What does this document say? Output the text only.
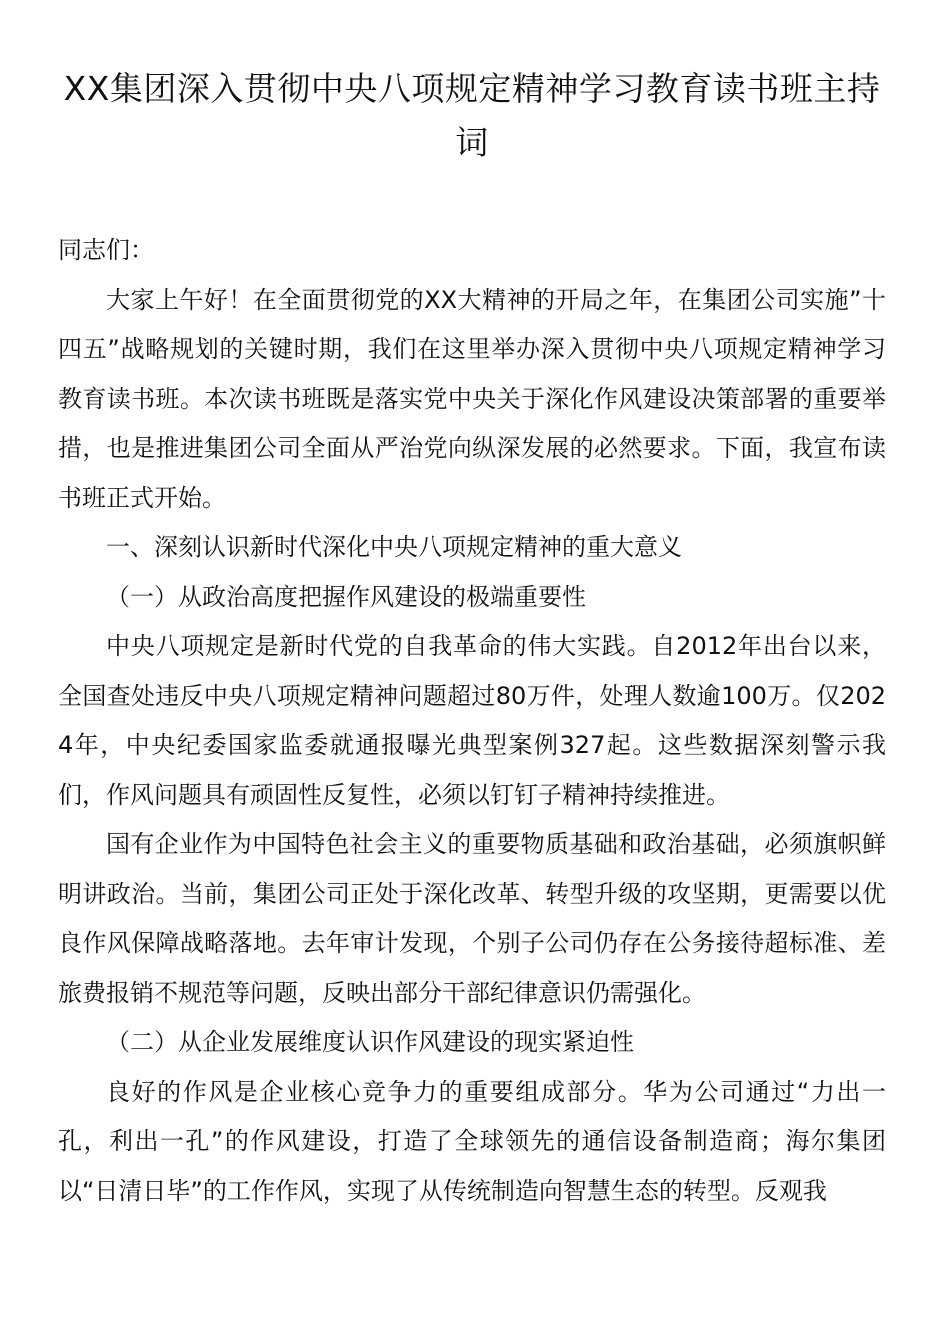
XX集团深入贯彻中央八项规定精神学习教育读书班主持词

同志们：

大家上午好！在全面贯彻党的XX大精神的开局之年，在集团公司实施”十四五”战略规划的关键时期，我们在这里举办深入贯彻中央八项规定精神学习教育读书班。本次读书班既是落实党中央关于深化作风建设决策部署的重要举措，也是推进集团公司全面从严治党向纵深发展的必然要求。下面，我宣布读书班正式开始。

一、深刻认识新时代深化中央八项规定精神的重大意义

（一）从政治高度把握作风建设的极端重要性

中央八项规定是新时代党的自我革命的伟大实践。自2012年出台以来，全国查处违反中央八项规定精神问题超过80万件，处理人数逾100万。仅2024年，中央纪委国家监委就通报曝光典型案例327起。这些数据深刻警示我们，作风问题具有顽固性反复性，必须以钉钉子精神持续推进。

国有企业作为中国特色社会主义的重要物质基础和政治基础，必须旗帜鲜明讲政治。当前，集团公司正处于深化改革、转型升级的攻坚期，更需要以优良作风保障战略落地。去年审计发现，个别子公司仍存在公务接待超标准、差旅费报销不规范等问题，反映出部分干部纪律意识仍需强化。

（二）从企业发展维度认识作风建设的现实紧迫性

良好的作风是企业核心竞争力的重要组成部分。华为公司通过“力出一孔，利出一孔”的作风建设，打造了全球领先的通信设备制造商；海尔集团以“日清日毕”的工作作风，实现了从传统制造向智慧生态的转型。反观我
